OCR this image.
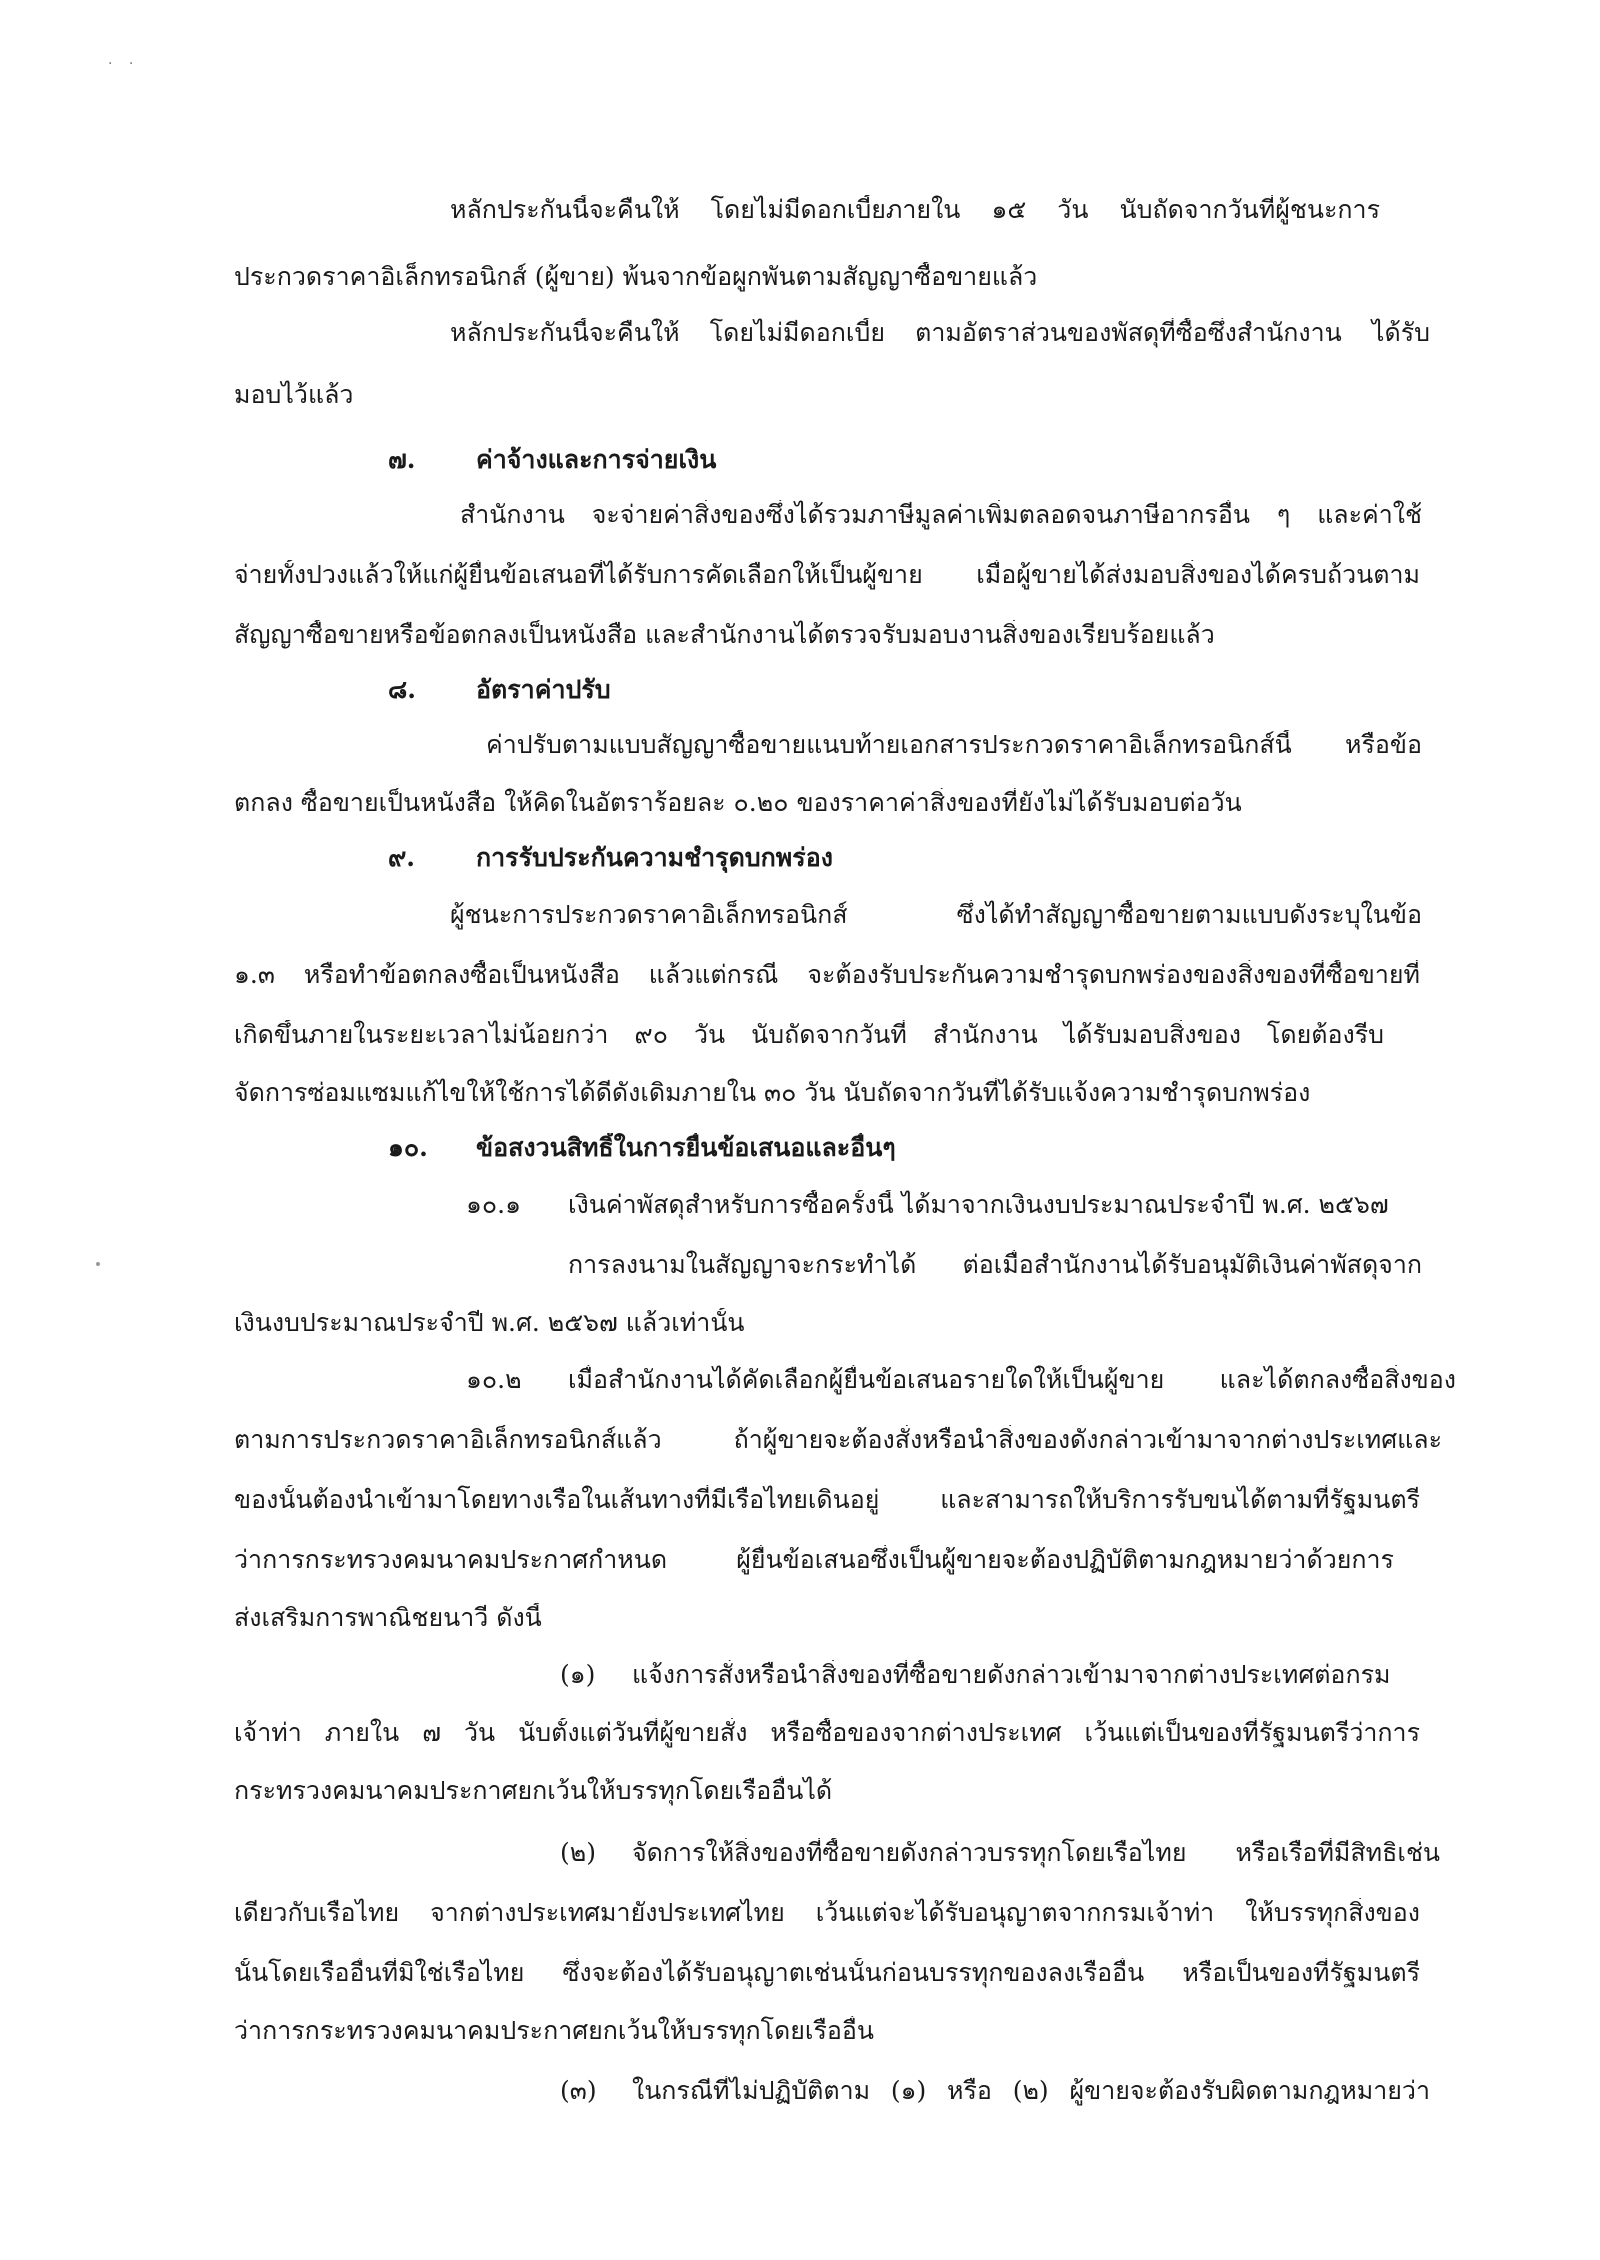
· ·
หลักประกันนี้จะคืนให้ โดยไม่มีดอกเบี้ยภายใน ๑๕ วัน นับถัดจากวันที่ผู้ชนะการ
ประกวดราคาอิเล็กทรอนิกส์ (ผู้ขาย) พ้นจากข้อผูกพันตามสัญญาซื้อขายแล้ว
หลักประกันนี้จะคืนให้ โดยไม่มีดอกเบี้ย ตามอัตราส่วนของพัสดุที่ซื้อซึ่งสำนักงาน ได้รับ
มอบไว้แล้ว
๗. ค่าจ้างและการจ่ายเงิน
สำนักงาน จะจ่ายค่าสิ่งของซึ่งได้รวมภาษีมูลค่าเพิ่มตลอดจนภาษีอากรอื่น ๆ และค่าใช้
จ่ายทั้งปวงแล้วให้แก่ผู้ยื่นข้อเสนอที่ได้รับการคัดเลือกให้เป็นผู้ขาย เมื่อผู้ขายได้ส่งมอบสิ่งของได้ครบถ้วนตาม
สัญญาซื้อขายหรือข้อตกลงเป็นหนังสือ และสำนักงานได้ตรวจรับมอบงานสิ่งของเรียบร้อยแล้ว
๘. อัตราค่าปรับ
ค่าปรับตามแบบสัญญาซื้อขายแนบท้ายเอกสารประกวดราคาอิเล็กทรอนิกส์นี้ หรือข้อ
ตกลง ซื้อขายเป็นหนังสือ ให้คิดในอัตราร้อยละ ๐.๒๐ ของราคาค่าสิ่งของที่ยังไม่ได้รับมอบต่อวัน
๙. การรับประกันความชำรุดบกพร่อง
ผู้ชนะการประกวดราคาอิเล็กทรอนิกส์ ซึ่งได้ทำสัญญาซื้อขายตามแบบดังระบุในข้อ
๑.๓ หรือทำข้อตกลงซื้อเป็นหนังสือ แล้วแต่กรณี จะต้องรับประกันความชำรุดบกพร่องของสิ่งของที่ซื้อขายที่
เกิดขึ้นภายในระยะเวลาไม่น้อยกว่า ๙๐ วัน นับถัดจากวันที่ สำนักงาน ได้รับมอบสิ่งของ โดยต้องรีบ
จัดการซ่อมแซมแก้ไขให้ใช้การได้ดีดังเดิมภายใน ๓๐ วัน นับถัดจากวันที่ได้รับแจ้งความชำรุดบกพร่อง
๑๐. ข้อสงวนสิทธิ์ในการยื่นข้อเสนอและอื่นๆ
๑๐.๑ เงินค่าพัสดุสำหรับการซื้อครั้งนี้ ได้มาจากเงินงบประมาณประจำปี พ.ศ. ๒๕๖๗
การลงนามในสัญญาจะกระทำได้ ต่อเมื่อสำนักงานได้รับอนุมัติเงินค่าพัสดุจาก
เงินงบประมาณประจำปี พ.ศ. ๒๕๖๗ แล้วเท่านั้น
๑๐.๒ เมื่อสำนักงานได้คัดเลือกผู้ยื่นข้อเสนอรายใดให้เป็นผู้ขาย และได้ตกลงซื้อสิ่งของ
ตามการประกวดราคาอิเล็กทรอนิกส์แล้ว ถ้าผู้ขายจะต้องสั่งหรือนำสิ่งของดังกล่าวเข้ามาจากต่างประเทศและ
ของนั้นต้องนำเข้ามาโดยทางเรือในเส้นทางที่มีเรือไทยเดินอยู่ และสามารถให้บริการรับขนได้ตามที่รัฐมนตรี
ว่าการกระทรวงคมนาคมประกาศกำหนด ผู้ยื่นข้อเสนอซึ่งเป็นผู้ขายจะต้องปฏิบัติตามกฎหมายว่าด้วยการ
ส่งเสริมการพาณิชยนาวี ดังนี้
(๑) แจ้งการสั่งหรือนำสิ่งของที่ซื้อขายดังกล่าวเข้ามาจากต่างประเทศต่อกรม
เจ้าท่า ภายใน ๗ วัน นับตั้งแต่วันที่ผู้ขายสั่ง หรือซื้อของจากต่างประเทศ เว้นแต่เป็นของที่รัฐมนตรีว่าการ
กระทรวงคมนาคมประกาศยกเว้นให้บรรทุกโดยเรืออื่นได้
(๒) จัดการให้สิ่งของที่ซื้อขายดังกล่าวบรรทุกโดยเรือไทย หรือเรือที่มีสิทธิเช่น
เดียวกับเรือไทย จากต่างประเทศมายังประเทศไทย เว้นแต่จะได้รับอนุญาตจากกรมเจ้าท่า ให้บรรทุกสิ่งของ
นั้นโดยเรืออื่นที่มิใช่เรือไทย ซึ่งจะต้องได้รับอนุญาตเช่นนั้นก่อนบรรทุกของลงเรืออื่น หรือเป็นของที่รัฐมนตรี
ว่าการกระทรวงคมนาคมประกาศยกเว้นให้บรรทุกโดยเรืออื่น
(๓) ในกรณีที่ไม่ปฏิบัติตาม (๑) หรือ (๒) ผู้ขายจะต้องรับผิดตามกฎหมายว่า
